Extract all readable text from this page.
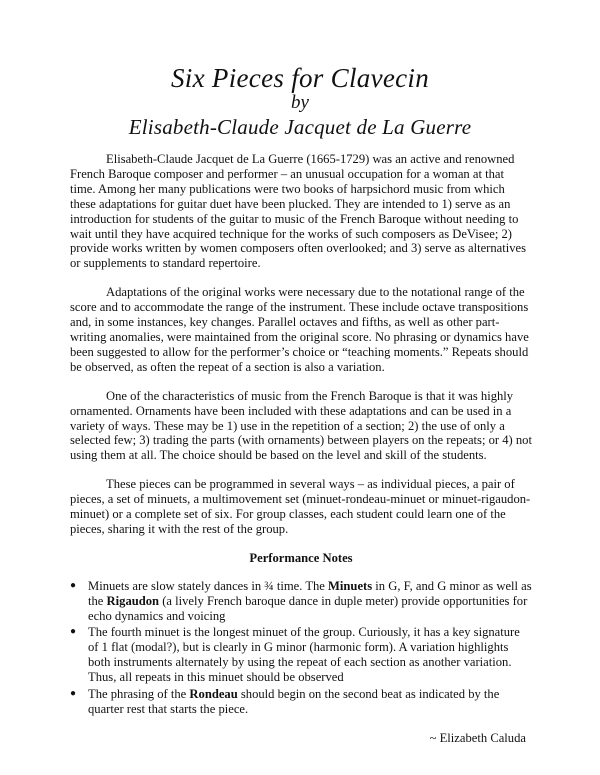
Six Pieces for Clavecin
by
Elisabeth-Claude Jacquet de La Guerre

Elisabeth-Claude Jacquet de La Guerre (1665-1729) was an active and renowned French Baroque composer and performer – an unusual occupation for a woman at that time. Among her many publications were two books of harpsichord music from which these adaptations for guitar duet have been plucked. They are intended to 1) serve as an introduction for students of the guitar to music of the French Baroque without needing to wait until they have acquired technique for the works of such composers as DeVisee; 2) provide works written by women composers often overlooked; and 3) serve as alternatives or supplements to standard repertoire.

Adaptations of the original works were necessary due to the notational range of the score and to accommodate the range of the instrument. These include octave transpositions and, in some instances, key changes. Parallel octaves and fifths, as well as other part-writing anomalies, were maintained from the original score. No phrasing or dynamics have been suggested to allow for the performer’s choice or “teaching moments.” Repeats should be observed, as often the repeat of a section is also a variation.

One of the characteristics of music from the French Baroque is that it was highly ornamented. Ornaments have been included with these adaptations and can be used in a variety of ways. These may be 1) use in the repetition of a section; 2) the use of only a selected few; 3) trading the parts (with ornaments) between players on the repeats; or 4) not using them at all. The choice should be based on the level and skill of the students.

These pieces can be programmed in several ways – as individual pieces, a pair of pieces, a set of minuets, a multimovement set (minuet-rondeau-minuet or minuet-rigaudon-minuet) or a complete set of six. For group classes, each student could learn one of the pieces, sharing it with the rest of the group.

Performance Notes
● Minuets are slow stately dances in ¾ time. The Minuets in G, F, and G minor as well as the Rigaudon (a lively French baroque dance in duple meter) provide opportunities for echo dynamics and voicing
● The fourth minuet is the longest minuet of the group. Curiously, it has a key signature of 1 flat (modal?), but is clearly in G minor (harmonic form). A variation highlights both instruments alternately by using the repeat of each section as another variation. Thus, all repeats in this minuet should be observed
● The phrasing of the Rondeau should begin on the second beat as indicated by the quarter rest that starts the piece.
~ Elizabeth Caluda
